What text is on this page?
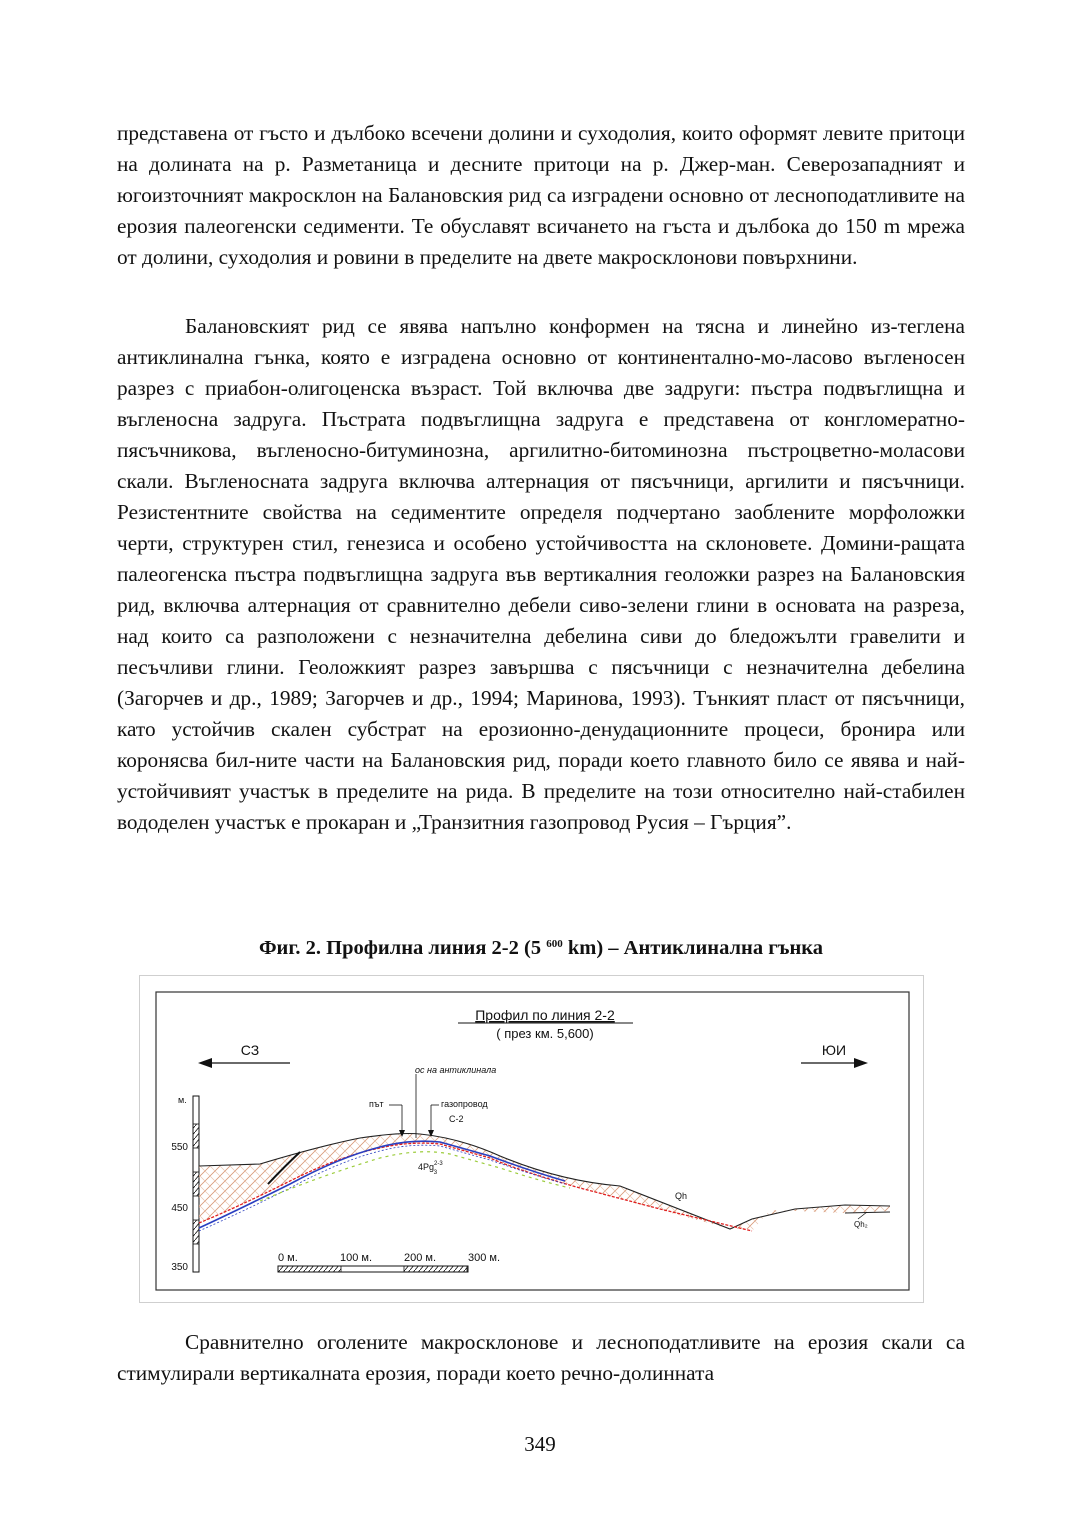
представена от гъсто и дълбоко всечени долини и суходолия, които оформят левите притоци на долината на р. Разметаница и десните притоци на р. Джер-ман. Северозападният и югоизточният макросклон на Балановския рид са изградени основно от лесноподатливите на ерозия палеогенски седименти. Те обуславят всичането на гъста и дълбока до 150 m мрежа от долини, суходолия и ровини в пределите на двете макросклонови повърхнини.

Балановският рид се явява напълно конформен на тясна и линейно из-теглена антиклинална гънка, която е изградена основно от континентално-мо-ласово въгленосен разрез с приабон-олигоценска възраст. Той включва две задруги: пъстра подвъглищна и въгленосна задруга. Пъстрата подвъглищна задруга е представена от конгломератно-пясъчникова, въгленосно-битуминозна, аргилитно-битоминозна пъстроцветно-моласови скали. Въгленосната задруга включва алтернация от пясъчници, аргилити и пясъчници. Резистентните свойства на седиментите определя подчертано заоблените морфоложки черти, структурен стил, генезиса и особено устойчивостта на склоновете. Домини-ращата палеогенска пъстра подвъглищна задруга във вертикалния геоложки разрез на Балановския рид, включва алтернация от сравнително дебели сиво-зелени глини в основата на разреза, над които са разположени с незначителна дебелина сиви до бледожълти гравелити и песъчливи глини. Геоложкият разрез завършва с пясъчници с незначителна дебелина (Загорчев и др., 1989; Загорчев и др., 1994; Маринова, 1993). Тънкият пласт от пясъчници, като устойчив скален субстрат на ерозионно-денудационните процеси, бронира или коронясва бил-ните части на Балановския рид, поради което главното било се явява и най-устойчивият участък в пределите на рида. В пределите на този относително най-стабилен вододелен участък е прокаран и „Транзитния газопровод Русия – Гърция”.

Фиг. 2. Профилна линия 2-2 (5 $^{600}$ km) – Антиклинална гънка
Профил по линия 2-2
( през км. 5,600)
СЗ	ЮИ
м.
550
450
350
ос на антиклинала
път	газопровод
С-2
4Pg$^{2-3}$ 3
Qh
Qh₂
0 м.	100 м.	200 м.	300 м.

Сравнително оголените макросклонове и лесноподатливите на ерозия скали са стимулирали вертикалната ерозия, поради което речно-долинната

349
